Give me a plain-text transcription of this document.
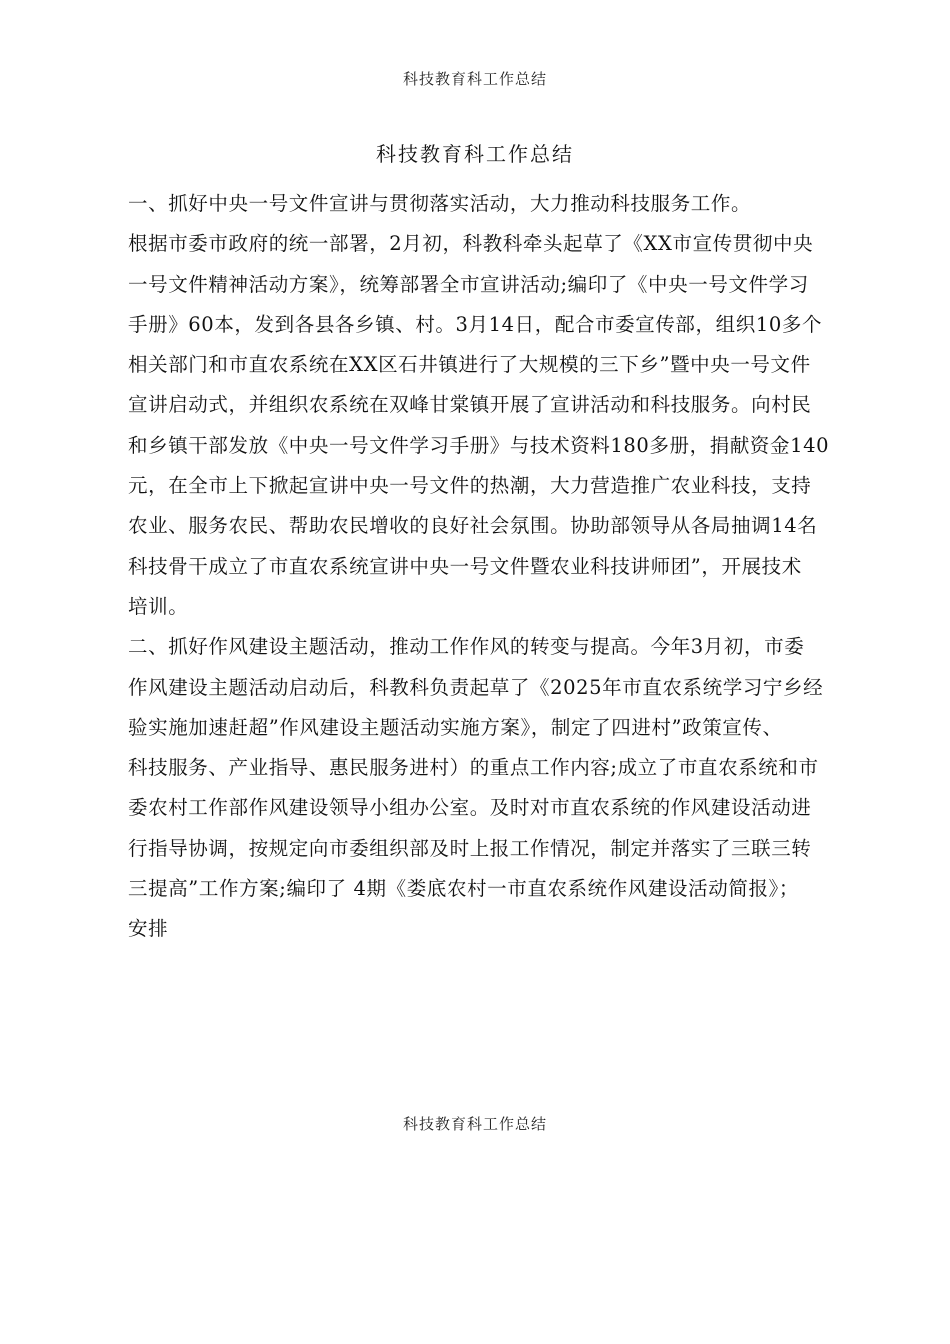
科技教育科工作总结
科技教育科工作总结
一、抓好中央一号文件宣讲与贯彻落实活动，大力推动科技服务工作。
根据市委市政府的统一部署，2月初，科教科牵头起草了《XX市宣传贯彻中央
一号文件精神活动方案》，统筹部署全市宣讲活动;编印了《中央一号文件学习
手册》60本，发到各县各乡镇、村。3月14日，配合市委宣传部，组织10多个
相关部门和市直农系统在XX区石井镇进行了大规模的三下乡”暨中央一号文件
宣讲启动式，并组织农系统在双峰甘棠镇开展了宣讲活动和科技服务。向村民
和乡镇干部发放《中央一号文件学习手册》与技术资料180多册，捐献资金140
元，在全市上下掀起宣讲中央一号文件的热潮，大力营造推广农业科技，支持
农业、服务农民、帮助农民增收的良好社会氛围。协助部领导从各局抽调14名
科技骨干成立了市直农系统宣讲中央一号文件暨农业科技讲师团”，开展技术
培训。
二、抓好作风建设主题活动，推动工作作风的转变与提高。今年3月初，市委
作风建设主题活动启动后，科教科负责起草了《2025年市直农系统学习宁乡经
验实施加速赶超”作风建设主题活动实施方案》，制定了四进村”政策宣传、
科技服务、产业指导、惠民服务进村）的重点工作内容;成立了市直农系统和市
委农村工作部作风建设领导小组办公室。及时对市直农系统的作风建设活动进
行指导协调，按规定向市委组织部及时上报工作情况，制定并落实了三联三转
三提高”工作方案;编印了 4期《娄底农村一市直农系统作风建设活动简报》；
安排
科技教育科工作总结
